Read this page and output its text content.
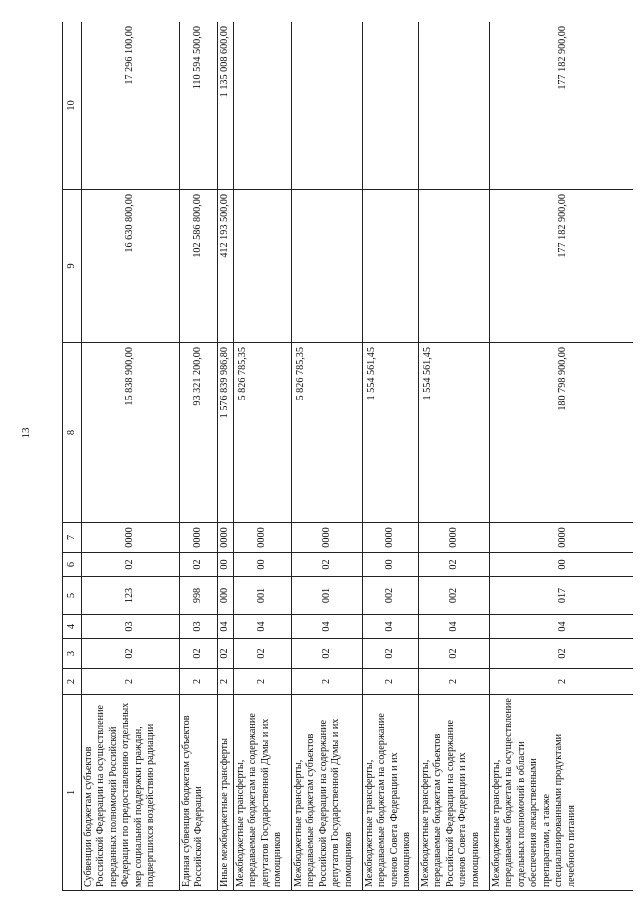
13
1	2	3	4	5	6	7	8	9	10
Субвенции бюджетам субъектов Российской Федерации на осуществление переданных полномочий Российской Федерации по предоставлению отдельных мер социальной поддержки граждан, подвергшихся воздействию радиации	2	02	03	123	02	0000	15 838 900,00	16 630 800,00	17 296 100,00
Единая субвенция бюджетам субъектов Российской Федерации	2	02	03	998	02	0000	93 321 200,00	102 586 800,00	110 594 500,00
Иные межбюджетные трансферты	2	02	04	000	00	0000	1 576 839 986,80	412 193 500,00	1 135 008 600,00
Межбюджетные трансферты, передаваемые бюджетам на содержание депутатов Государственной Думы и их помощников	2	02	04	001	00	0000	5 826 785,35		
Межбюджетные трансферты, передаваемые бюджетам субъектов Российской Федерации на содержание депутатов Государственной Думы и их помощников	2	02	04	001	02	0000	5 826 785,35		
Межбюджетные трансферты, передаваемые бюджетам на содержание членов Совета Федерации и их помощников	2	02	04	002	00	0000	1 554 561,45		
Межбюджетные трансферты, передаваемые бюджетам субъектов Российской Федерации на содержание членов Совета Федерации и их помощников	2	02	04	002	02	0000	1 554 561,45		
Межбюджетные трансферты, передаваемые бюджетам на осуществление отдельных полномочий в области обеспечения лекарственными препаратами, а также специализированными продуктами лечебного питания	2	02	04	017	00	0000	180 798 900,00	177 182 900,00	177 182 900,00
